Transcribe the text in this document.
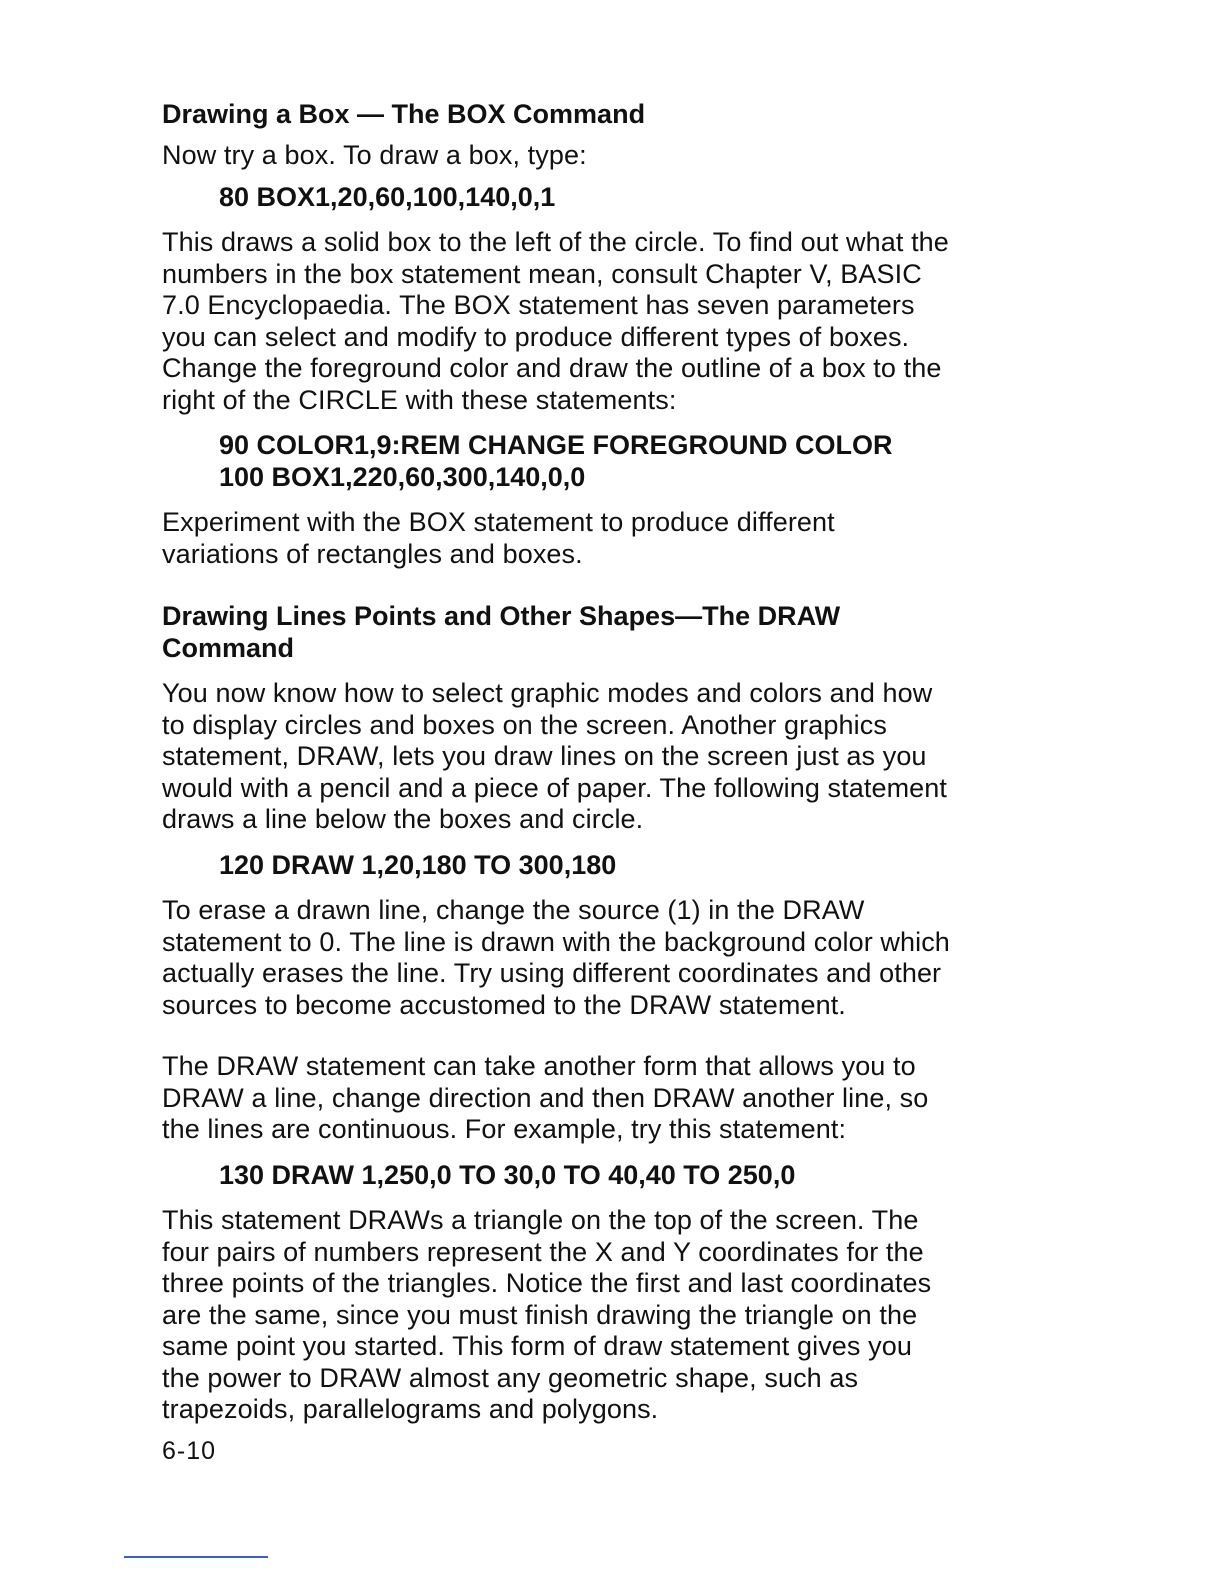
Drawing a Box — The BOX Command

Now try a box. To draw a box, type:

80 BOX1,20,60,100,140,0,1

This draws a solid box to the left of the circle. To find out what the

numbers in the box statement mean, consult Chapter V, BASIC

7.0 Encyclopaedia. The BOX statement has seven parameters

you can select and modify to produce different types of boxes.

Change the foreground color and draw the outline of a box to the

right of the CIRCLE with these statements:

90 COLOR1,9:REM CHANGE FOREGROUND COLOR

100 BOX1,220,60,300,140,0,0

Experiment with the BOX statement to produce different

variations of rectangles and boxes.

Drawing Lines Points and Other Shapes—The DRAW

Command

You now know how to select graphic modes and colors and how

to display circles and boxes on the screen. Another graphics

statement, DRAW, lets you draw lines on the screen just as you

would with a pencil and a piece of paper. The following statement

draws a line below the boxes and circle.

120 DRAW 1,20,180 TO 300,180

To erase a drawn line, change the source (1) in the DRAW

statement to 0. The line is drawn with the background color which

actually erases the line. Try using different coordinates and other

sources to become accustomed to the DRAW statement.

The DRAW statement can take another form that allows you to

DRAW a line, change direction and then DRAW another line, so

the lines are continuous. For example, try this statement:

130 DRAW 1,250,0 TO 30,0 TO 40,40 TO 250,0

This statement DRAWs a triangle on the top of the screen. The

four pairs of numbers represent the X and Y coordinates for the

three points of the triangles. Notice the first and last coordinates

are the same, since you must finish drawing the triangle on the

same point you started. This form of draw statement gives you

the power to DRAW almost any geometric shape, such as

trapezoids, parallelograms and polygons.

6-10
